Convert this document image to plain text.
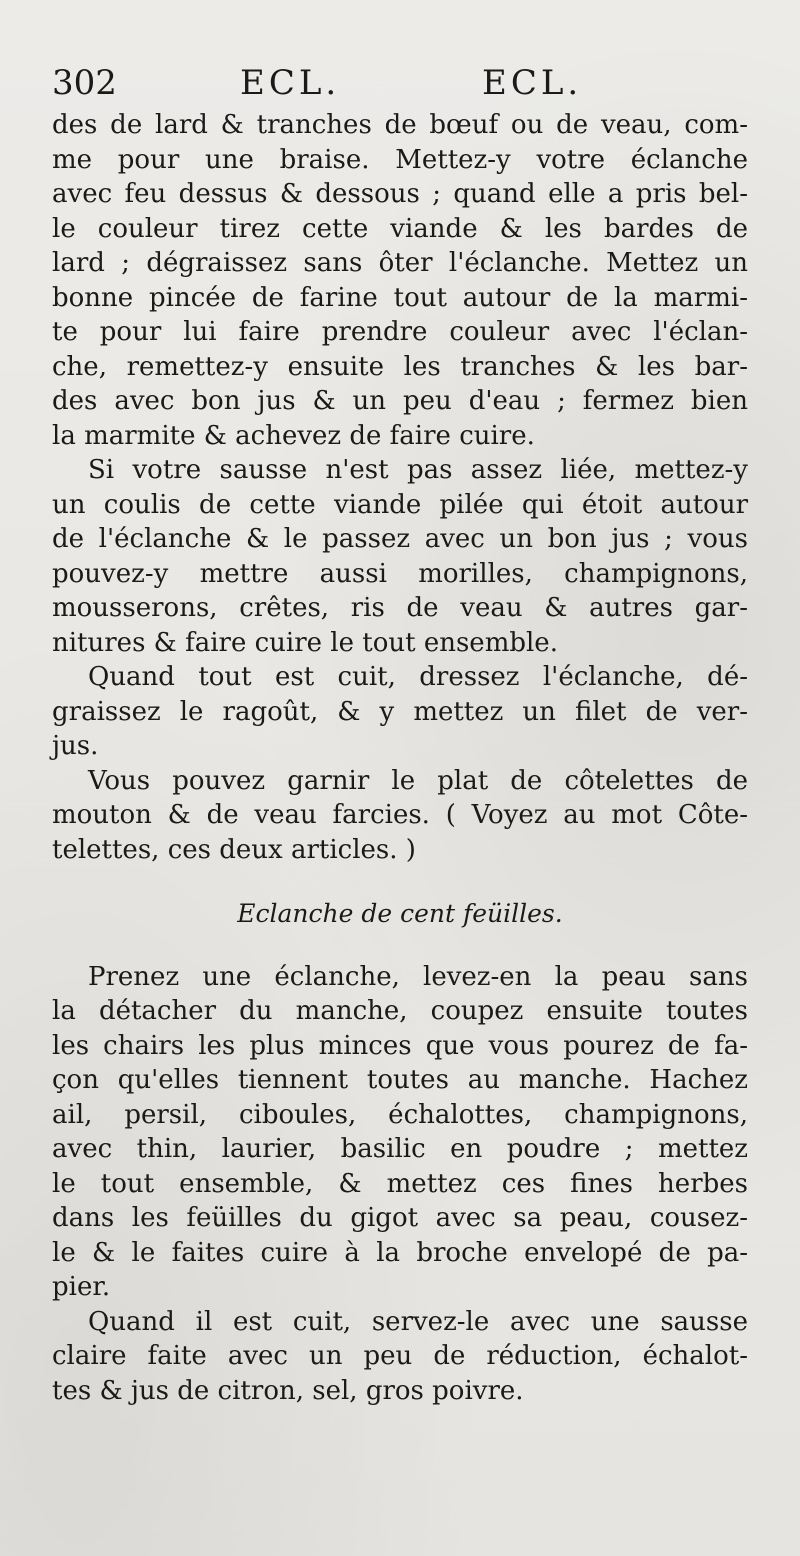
302	ECL.	ECL.
des de lard & tranches de bœuf ou de veau, com-
me pour une braise. Mettez-y votre éclanche
avec feu dessus & dessous ; quand elle a pris bel-
le couleur tirez cette viande & les bardes de
lard ; dégraissez sans ôter l'éclanche. Mettez un
bonne pincée de farine tout autour de la marmi-
te pour lui faire prendre couleur avec l'éclan-
che, remettez-y ensuite les tranches & les bar-
des avec bon jus & un peu d'eau ; fermez bien
la marmite & achevez de faire cuire.
Si votre sausse n'est pas assez liée, mettez-y
un coulis de cette viande pilée qui étoit autour
de l'éclanche & le passez avec un bon jus ; vous
pouvez-y mettre aussi morilles, champignons,
mousserons, crêtes, ris de veau & autres gar-
nitures & faire cuire le tout ensemble.
Quand tout est cuit, dressez l'éclanche, dé-
graissez le ragoût, & y mettez un filet de ver-
jus.
Vous pouvez garnir le plat de côtelettes de
mouton & de veau farcies. ( Voyez au mot Côte-
telettes, ces deux articles. )
Eclanche de cent feüilles.
Prenez une éclanche, levez-en la peau sans
la détacher du manche, coupez ensuite toutes
les chairs les plus minces que vous pourez de fa-
çon qu'elles tiennent toutes au manche. Hachez
ail, persil, ciboules, échalottes, champignons,
avec thin, laurier, basilic en poudre ; mettez
le tout ensemble, & mettez ces fines herbes
dans les feüilles du gigot avec sa peau, cousez-
le & le faites cuire à la broche envelopé de pa-
pier.
Quand il est cuit, servez-le avec une sausse
claire faite avec un peu de réduction, échalot-
tes & jus de citron, sel, gros poivre.
